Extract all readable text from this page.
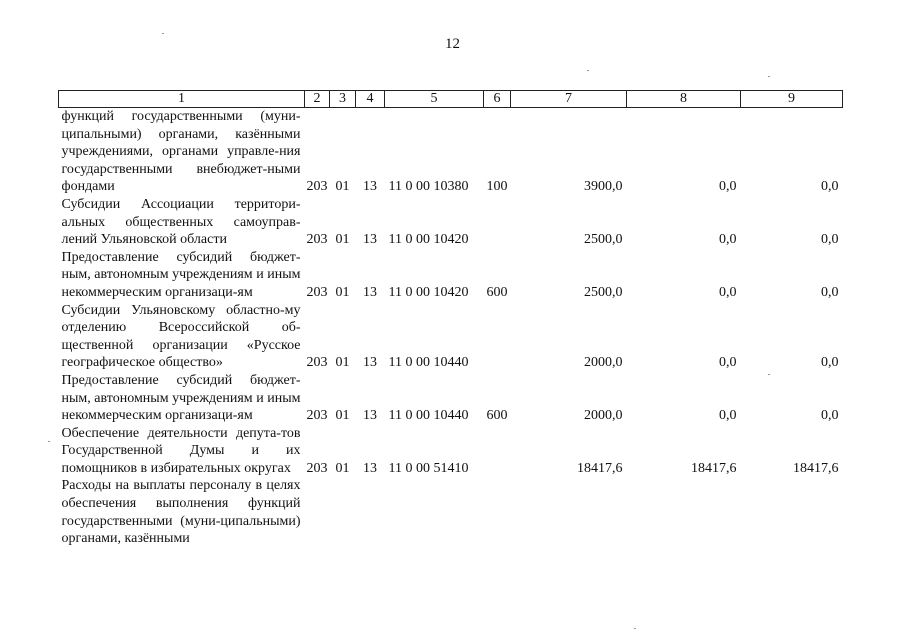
12
1	2	3	4	5	6	7	8	9
функций государственными (муни-ципальными) органами, казёнными учреждениями, органами управле-ния государственными внебюджет-ными фондами	203	01	13	11 0 00 10380	100	3900,0	0,0	0,0
Субсидии Ассоциации территори-альных общественных самоуправ-лений Ульяновской области	203	01	13	11 0 00 10420		2500,0	0,0	0,0
Предоставление субсидий бюджет-ным, автономным учреждениям и иным некоммерческим организаци-ям	203	01	13	11 0 00 10420	600	2500,0	0,0	0,0
Субсидии Ульяновскому областно-му отделению Всероссийской об-щественной организации «Русское географическое общество»	203	01	13	11 0 00 10440		2000,0	0,0	0,0
Предоставление субсидий бюджет-ным, автономным учреждениям и иным некоммерческим организаци-ям	203	01	13	11 0 00 10440	600	2000,0	0,0	0,0
Обеспечение деятельности депута-тов Государственной Думы и их помощников в избирательных округах	203	01	13	11 0 00 51410		18417,6	18417,6	18417,6
Расходы на выплаты персоналу в целях обеспечения выполнения функций государственными (муни-ципальными) органами, казёнными								
